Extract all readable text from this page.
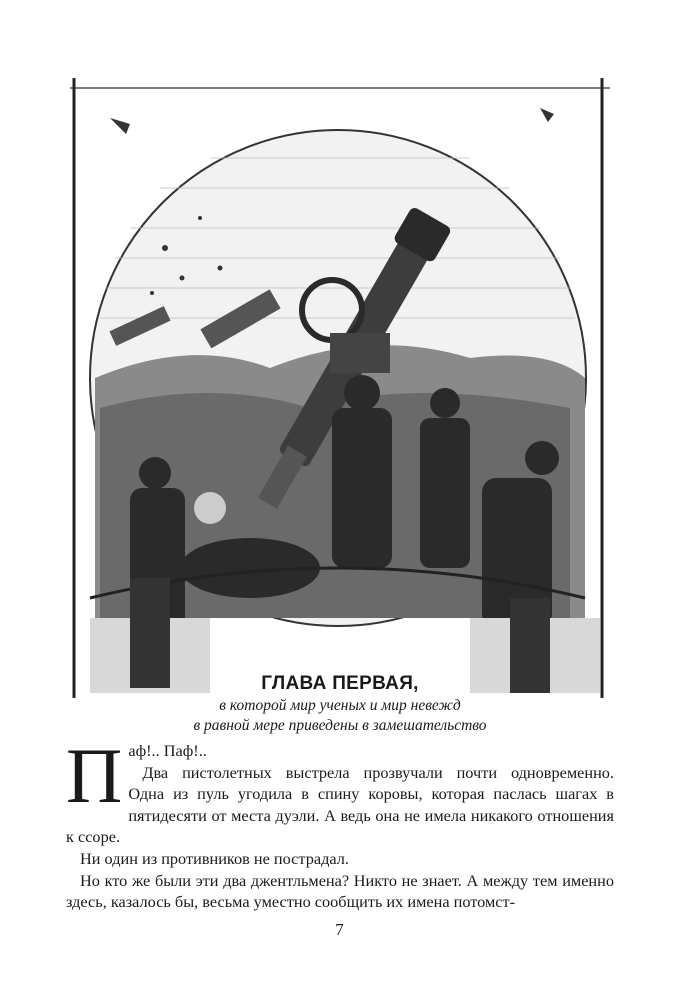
ГЛАВА ПЕРВАЯ,
в которой мир ученых и мир невежд
в равной мере приведены в замешательство
П аф!.. Паф!..

Два пистолетных выстрела прозвучали почти одновременно.

Одна из пуль угодила в спину коровы, которая паслась шагах в пятидесяти от места дуэли. А ведь она не имела никакого отношения к ссоре.

Ни один из противников не пострадал.

Но кто же были эти два джентльмена? Никто не знает. А между тем именно здесь, казалось бы, весьма уместно сообщить их имена потомст-

7
